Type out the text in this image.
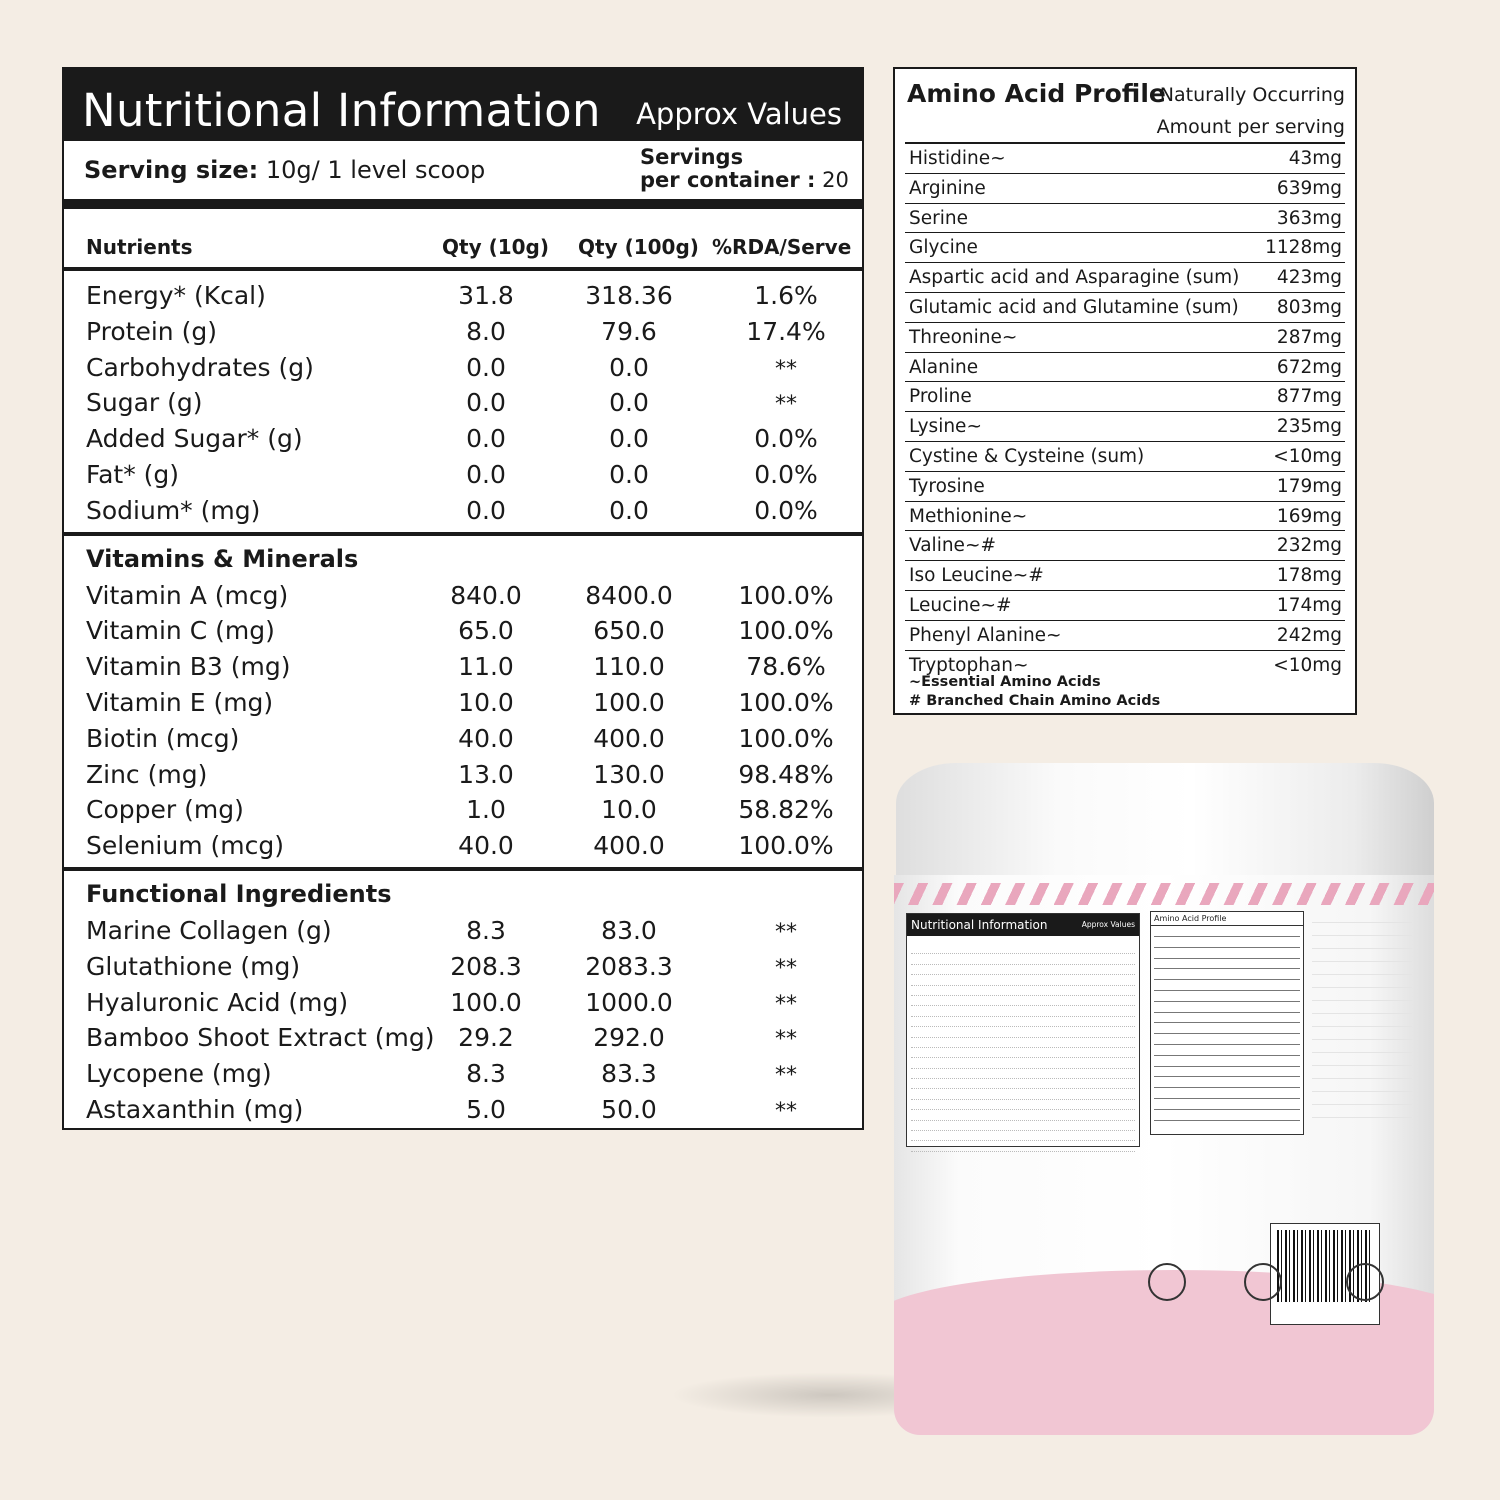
Nutritional Information Approx Values
Serving size: 10g/ 1 level scoop	Servings
per container : 20
Nutrients	Qty (10g) Qty (100g) %RDA/Serve
Energy* (Kcal)	31.8	318.36	1.6%
Protein (g)	8.0	79.6	17.4%
Carbohydrates (g)	0.0	0.0	**
Sugar (g)	0.0	0.0	**
Added Sugar* (g)	0.0	0.0	0.0%
Fat* (g)	0.0	0.0	0.0%
Sodium* (mg)	0.0	0.0	0.0%
Vitamins & Minerals
Vitamin A (mcg)	840.0	8400.0	100.0%
Vitamin C (mg)	65.0	650.0	100.0%
Vitamin B3 (mg)	11.0	110.0	78.6%
Vitamin E (mg)	10.0	100.0	100.0%
Biotin (mcg)	40.0	400.0	100.0%
Zinc (mg)	13.0	130.0	98.48%
Copper (mg)	1.0	10.0	58.82%
Selenium (mcg)	40.0	400.0	100.0%
Functional Ingredients
Marine Collagen (g)	8.3	83.0	**
Glutathione (mg)	208.3	2083.3	**
Hyaluronic Acid (mg)	100.0	1000.0	**
Bamboo Shoot Extract (mg) 29.2	292.0	**
Lycopene (mg)	8.3	83.3	**
Astaxanthin (mg)	5.0	50.0	**
Amino Acid Profile
Naturally Occurring
Amount per serving
Histidine~	43mg
Arginine	639mg
Serine	363mg
Glycine	1128mg
Aspartic acid and Asparagine (sum) 423mg
Glutamic acid and Glutamine (sum) 803mg
Threonine~	287mg
Alanine	672mg
Proline	877mg
Lysine~	235mg
Cystine & Cysteine (sum)	<10mg
Tyrosine	179mg
Methionine~	169mg
Valine~#	232mg
Iso Leucine~#	178mg
Leucine~#	174mg
Phenyl Alanine~	242mg
Tryptophan~	<10mg
~Essential Amino Acids
# Branched Chain Amino Acids
Approx Values
Nutritional Information	Amino Acid Profile
